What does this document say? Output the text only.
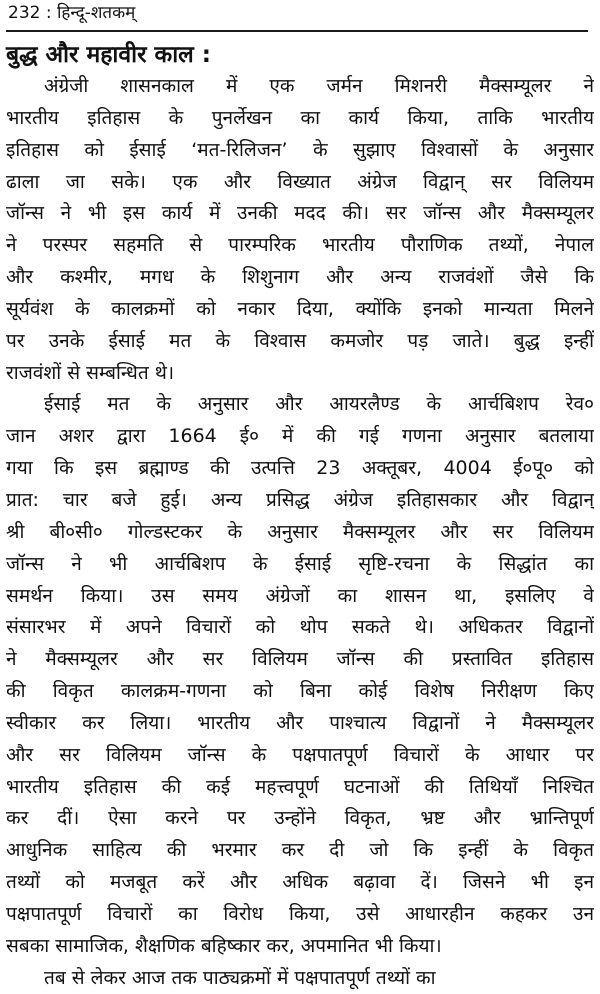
232 : हिन्दू-शतकम्
बुद्ध और महावीर काल :
अंग्रेजी शासनकाल में एक जर्मन मिशनरी मैक्सम्यूलर ने
भारतीय इतिहास के पुनर्लेखन का कार्य किया, ताकि भारतीय
इतिहास को ईसाई ‘मत-रिलिजन’ के सुझाए विश्वासों के अनुसार
ढाला जा सके। एक और विख्यात अंग्रेज विद्वान् सर विलियम
जॉन्स ने भी इस कार्य में उनकी मदद की। सर जॉन्स और मैक्सम्यूलर
ने परस्पर सहमति से पारम्परिक भारतीय पौराणिक तथ्यों, नेपाल
और कश्मीर, मगध के शिशुनाग और अन्य राजवंशों जैसे कि
सूर्यवंश के कालक्रमों को नकार दिया, क्योंकि इनको मान्यता मिलने
पर उनके ईसाई मत के विश्वास कमजोर पड़ जाते। बुद्ध इन्हीं
राजवंशों से सम्बन्धित थे।
ईसाई मत के अनुसार और आयरलैण्ड के आर्चबिशप रेव०
जान अशर द्वारा 1664 ई० में की गई गणना अनुसार बतलाया
गया कि इस ब्रह्माण्ड की उत्पत्ति 23 अक्तूबर, 4004 ई०पू० को
प्रात: चार बजे हुई। अन्य प्रसिद्ध अंग्रेज इतिहासकार और विद्वान्
श्री बी०सी० गोल्डस्टकर के अनुसार मैक्सम्यूलर और सर विलियम
जॉन्स ने भी आर्चबिशप के ईसाई सृष्टि-रचना के सिद्धांत का
समर्थन किया। उस समय अंग्रेजों का शासन था, इसलिए वे
संसारभर में अपने विचारों को थोप सकते थे। अधिकतर विद्वानों
ने मैक्सम्यूलर और सर विलियम जॉन्स की प्रस्तावित इतिहास
की विकृत कालक्रम-गणना को बिना कोई विशेष निरीक्षण किए
स्वीकार कर लिया। भारतीय और पाश्चात्य विद्वानों ने मैक्सम्यूलर
और सर विलियम जॉन्स के पक्षपातपूर्ण विचारों के आधार पर
भारतीय इतिहास की कई महत्त्वपूर्ण घटनाओं की तिथियाँ निश्चित
कर दीं। ऐसा करने पर उन्होंने विकृत, भ्रष्ट और भ्रान्तिपूर्ण
आधुनिक साहित्य की भरमार कर दी जो कि इन्हीं के विकृत
तथ्यों को मजबूत करें और अधिक बढ़ावा दें। जिसने भी इन
पक्षपातपूर्ण विचारों का विरोध किया, उसे आधारहीन कहकर उन
सबका सामाजिक, शैक्षणिक बहिष्कार कर, अपमानित भी किया।
तब से लेकर आज तक पाठ्यक्रमों में पक्षपातपूर्ण तथ्यों का
